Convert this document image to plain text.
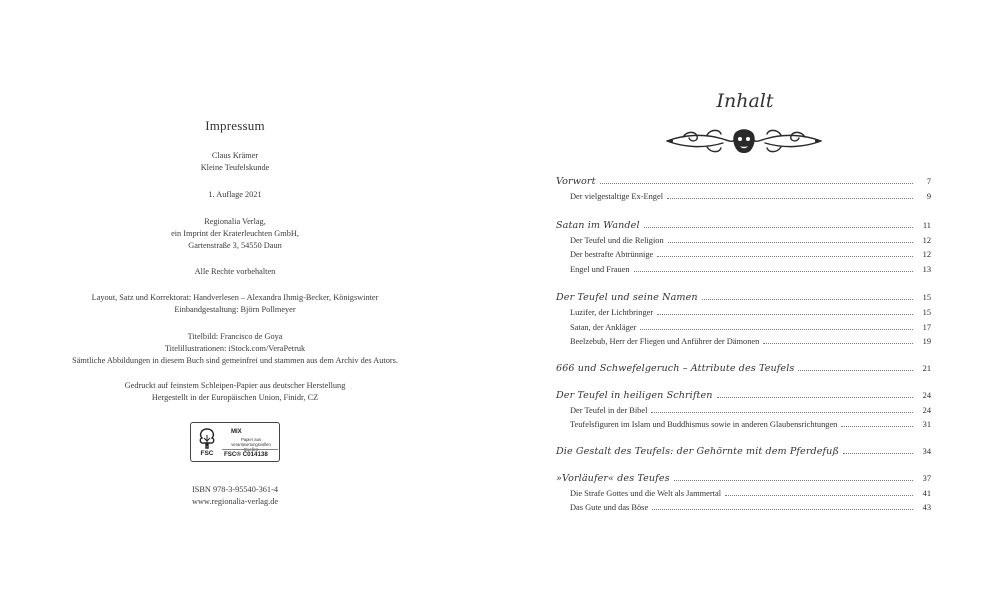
Impressum
Claus Krämer
Kleine Teufelskunde
1. Auflage 2021
Regionalia Verlag,
ein Imprint der Kraterleuchten GmbH,
Gartenstraße 3, 54550 Daun
Alle Rechte vorbehalten
Layout, Satz und Korrektorat: Handverlesen – Alexandra Ihmig-Becker, Königswinter
Einbandgestaltung: Björn Pollmeyer
Titelbild: Francisco de Goya
Titelillustrationen: iStock.com/VeraPetruk
Sämtliche Abbildungen in diesem Buch sind gemeinfrei und stammen aus dem Archiv des Autors.
Gedruckt auf feinstem Schleipen-Papier aus deutscher Herstellung
Hergestellt in der Europäischen Union, Finidr, CZ
FSC
MIX
Papier aus verantwortungsvollen Quellen
FSC® C014138
ISBN 978-3-95540-361-4
www.regionalia-verlag.de
Inhalt
Vorwort	7
Der vielgestaltige Ex-Engel	9
Satan im Wandel	11
Der Teufel und die Religion	12
Der bestrafte Abtrünnige	12
Engel und Frauen	13
Der Teufel und seine Namen	15
Luzifer, der Lichtbringer	15
Satan, der Ankläger	17
Beelzebub, Herr der Fliegen und Anführer der Dämonen	19
666 und Schwefelgeruch – Attribute des Teufels	21
Der Teufel in heiligen Schriften	24
Der Teufel in der Bibel	24
Teufelsfiguren im Islam und Buddhismus sowie in anderen Glaubensrichtungen	31
Die Gestalt des Teufels: der Gehörnte mit dem Pferdefuß	34
»Vorläufer« des Teufes	37
Die Strafe Gottes und die Welt als Jammertal	41
Das Gute und das Böse	43
